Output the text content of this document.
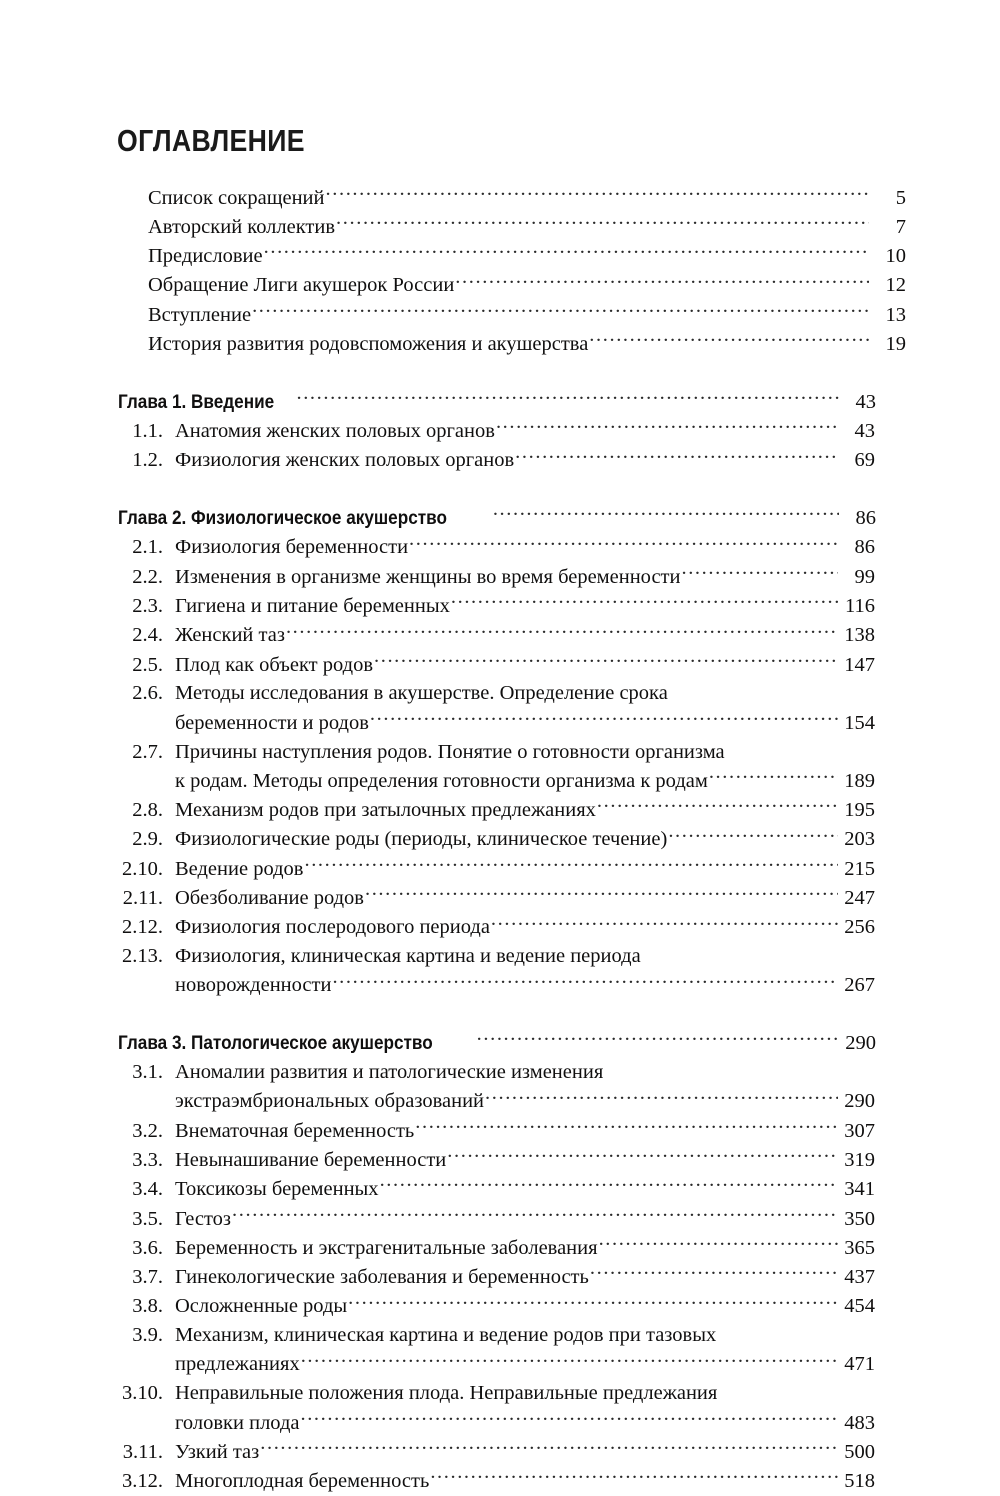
ОГЛАВЛЕНИЕ
Список сокращений .....	5
Авторский коллектив .....	7
Предисловие .....	10
Обращение Лиги акушерок России .....	12
Вступление .....	13
История развития родовспоможения и акушерства .....	19
Глава 1. Введение .....	43
1.1. Анатомия женских половых органов .....	43
1.2. Физиология женских половых органов .....	69
Глава 2. Физиологическое акушерство .....	86
2.1. Физиология беременности .....	86
2.2. Изменения в организме женщины во время беременности .....	99
2.3. Гигиена и питание беременных .....	116
2.4. Женский таз .....	138
2.5. Плод как объект родов .....	147
2.6. Методы исследования в акушерстве. Определение срока
беременности и родов .....	154
2.7. Причины наступления родов. Понятие о готовности организма
к родам. Методы определения готовности организма к родам .....	189
2.8. Механизм родов при затылочных предлежаниях .....	195
2.9. Физиологические роды (периоды, клиническое течение) .....	203
2.10. Ведение родов .....	215
2.11. Обезболивание родов .....	247
2.12. Физиология послеродового периода .....	256
2.13. Физиология, клиническая картина и ведение периода
новорожденности .....	267
Глава 3. Патологическое акушерство .....	290
3.1. Аномалии развития и патологические изменения
экстраэмбриональных образований .....	290
3.2. Внематочная беременность .....	307
3.3. Невынашивание беременности .....	319
3.4. Токсикозы беременных .....	341
3.5. Гестоз .....	350
3.6. Беременность и экстрагенитальные заболевания .....	365
3.7. Гинекологические заболевания и беременность .....	437
3.8. Осложненные роды .....	454
3.9. Механизм, клиническая картина и ведение родов при тазовых
предлежаниях .....	471
3.10. Неправильные положения плода. Неправильные предлежания
головки плода .....	483
3.11. Узкий таз .....	500
3.12. Многоплодная беременность .....	518
